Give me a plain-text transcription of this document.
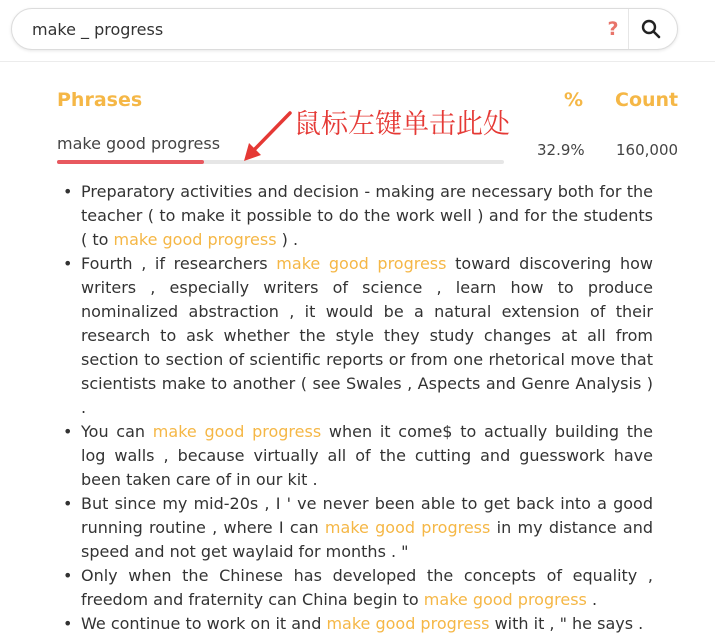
make _ progress
?
Phrases	% Count
make good progress	32.9% 160,000
鼠标左键单击此处
• Preparatory activities and decision - making are necessary both for the teacher ( to make it possible to do the work well ) and for the students ( to make good progress ) .
• Fourth , if researchers make good progress toward discovering how writers , especially writers of science , learn how to produce nominalized abstraction , it would be a natural extension of their research to ask whether the style they study changes at all from section to section of scientific reports or from one rhetorical move that scientists make to another ( see Swales , Aspects and Genre Analysis ) .
• You can make good progress when it come$ to actually building the log walls , because virtually all of the cutting and guesswork have been taken care of in our kit .
• But since my mid-20s , I ' ve never been able to get back into a good running routine , where I can make good progress in my distance and speed and not get waylaid for months . "
• Only when the Chinese has developed the concepts of equality , freedom and fraternity can China begin to make good progress .
• We continue to work on it and make good progress with it , " he says .
